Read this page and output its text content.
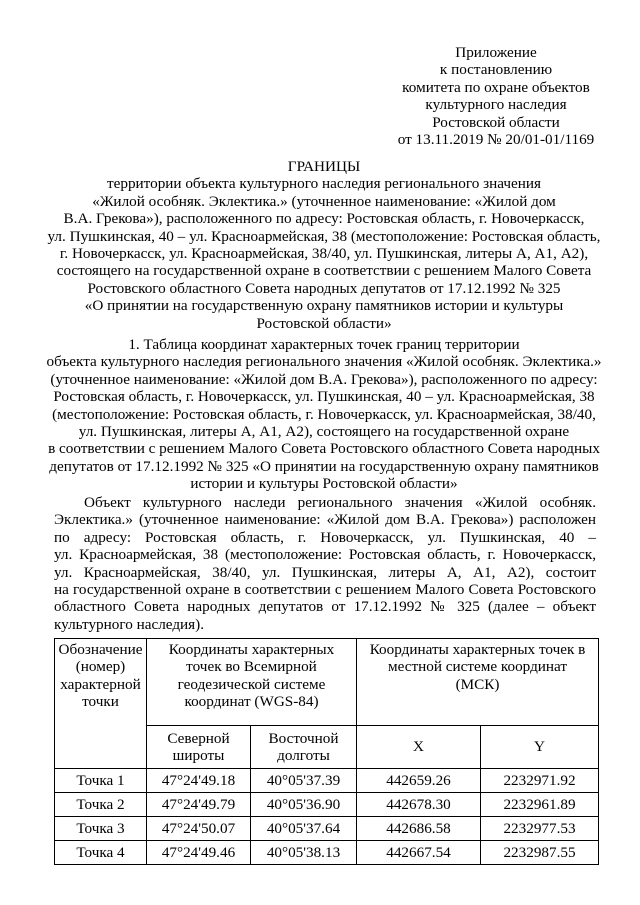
Приложение
к постановлению
комитета по охране объектов
культурного наследия
Ростовской области
от 13.11.2019 № 20/01-01/1169
ГРАНИЦЫ
территории объекта культурного наследия регионального значения
«Жилой особняк. Эклектика.» (уточненное наименование: «Жилой дом
В.А. Грекова»), расположенного по адресу: Ростовская область, г. Новочеркасск,
ул. Пушкинская, 40 – ул. Красноармейская, 38 (местоположение: Ростовская область,
г. Новочеркасск, ул. Красноармейская, 38/40, ул. Пушкинская, литеры А, А1, А2),
состоящего на государственной охране в соответствии с решением Малого Совета
Ростовского областного Совета народных депутатов от 17.12.1992 № 325
«О принятии на государственную охрану памятников истории и культуры
Ростовской области»
1. Таблица координат характерных точек границ территории
объекта культурного наследия регионального значения «Жилой особняк. Эклектика.»
(уточненное наименование: «Жилой дом В.А. Грекова»), расположенного по адресу:
Ростовская область, г. Новочеркасск, ул. Пушкинская, 40 – ул. Красноармейская, 38
(местоположение: Ростовская область, г. Новочеркасск, ул. Красноармейская, 38/40,
ул. Пушкинская, литеры А, А1, А2), состоящего на государственной охране
в соответствии с решением Малого Совета Ростовского областного Совета народных
депутатов от 17.12.1992 № 325 «О принятии на государственную охрану памятников
истории и культуры Ростовской области»
Объект культурного наследи регионального значения «Жилой особняк.
Эклектика.» (уточненное наименование: «Жилой дом В.А. Грекова») расположен
по адресу: Ростовская область, г. Новочеркасск, ул. Пушкинская, 40 –
ул. Красноармейская, 38 (местоположение: Ростовская область, г. Новочеркасск,
ул. Красноармейская, 38/40, ул. Пушкинская, литеры А, А1, А2), состоит
на государственной охране в соответствии с решением Малого Совета Ростовского
областного Совета народных депутатов от 17.12.1992 № 325 (далее – объект
культурного наследия).
Обозначение
(номер)
характерной
точки	Координаты характерных
точек во Всемирной
геодезической системе
координат (WGS-84)		Координаты характерных точек в
местной системе координат
(МСК)	

	Северной
широты	Восточной
долготы	X	Y
Точка 1	47°24'49.18	40°05'37.39	442659.26	2232971.92
Точка 2	47°24'49.79	40°05'36.90	442678.30	2232961.89
Точка 3	47°24'50.07	40°05'37.64	442686.58	2232977.53
Точка 4	47°24'49.46	40°05'38.13	442667.54	2232987.55
